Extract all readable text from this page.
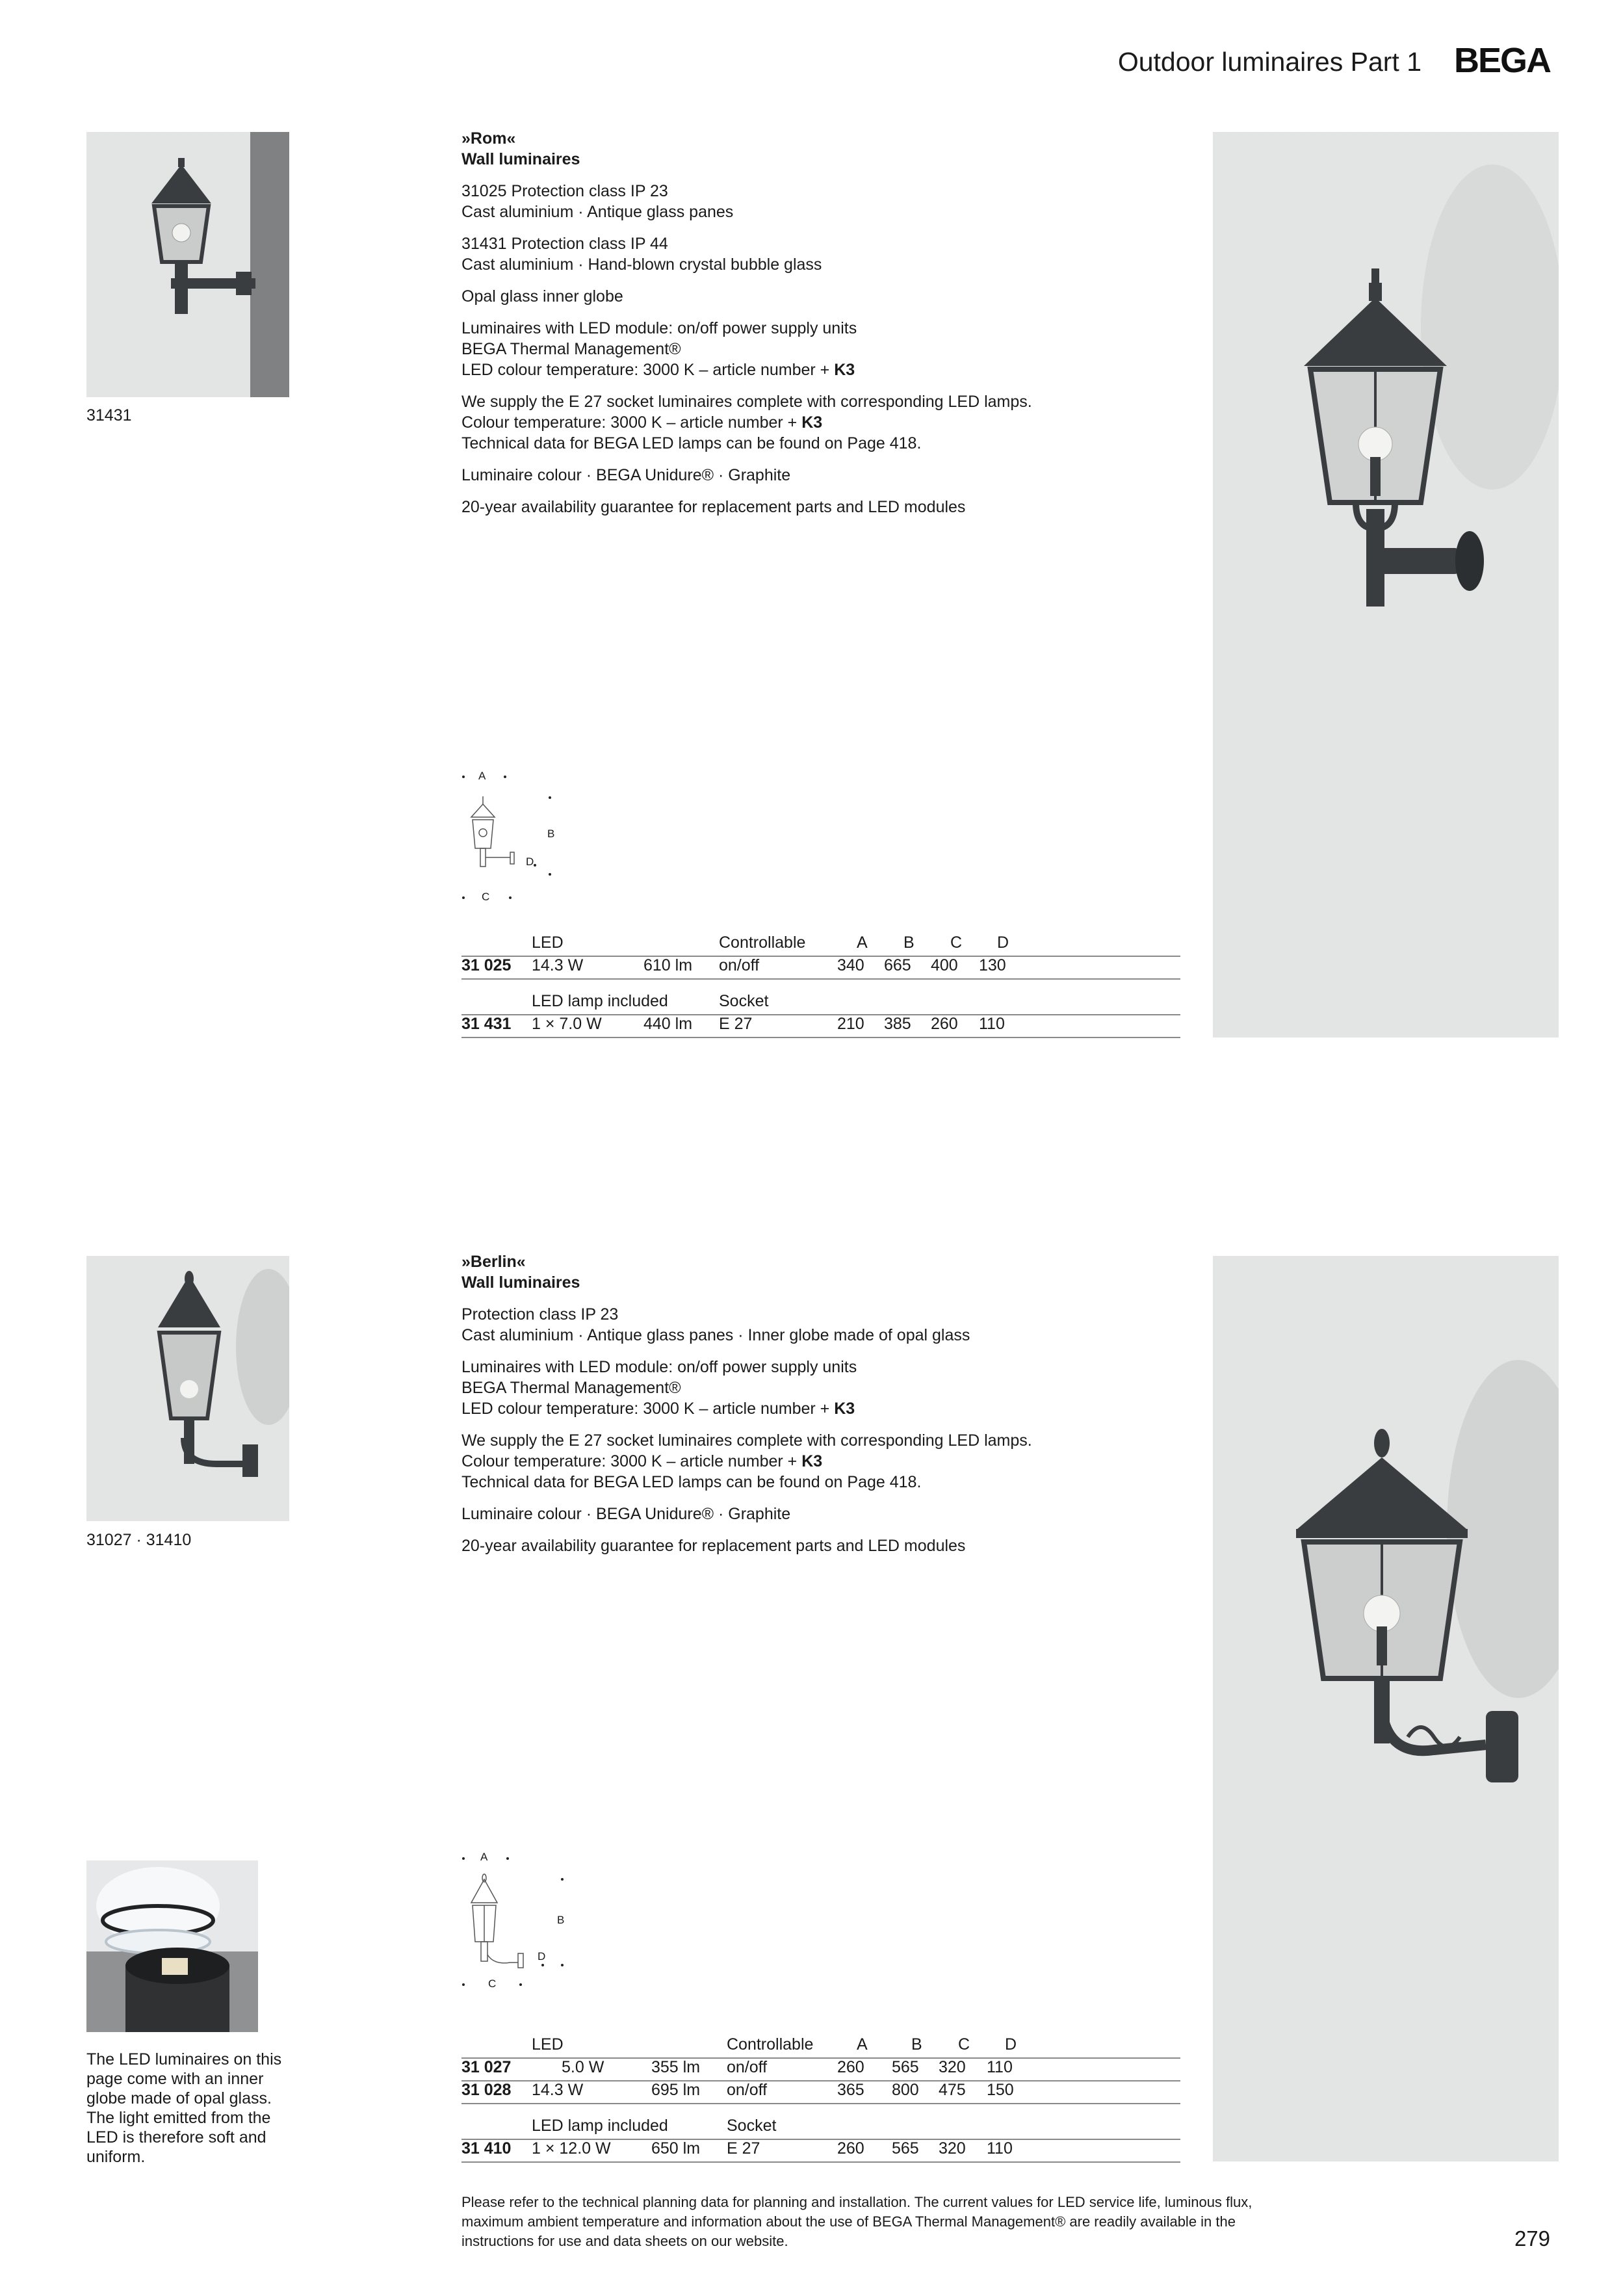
Outdoor luminaires Part 1 BEGA
31431
»Rom«
Wall luminaires
31025 Protection class IP 23
Cast aluminium · Antique glass panes
31431 Protection class IP 44
Cast aluminium · Hand-blown crystal bubble glass
Opal glass inner globe
Luminaires with LED module: on/off power supply units
BEGA Thermal Management®
LED colour temperature: 3000 K – article number + K3
We supply the E 27 socket luminaires complete with corresponding LED lamps.
Colour temperature: 3000 K – article number + K3
Technical data for BEGA LED lamps can be found on Page 418.
Luminaire colour · BEGA Unidure® · Graphite
20-year availability guarantee for replacement parts and LED modules
A
B
C
D
LED	Controllable	A B C D
31 025 14.3 W	610 lm on/off	340 665 400 130
LED lamp included	Socket
31 431 1 × 7.0 W	440 lm E 27	210 385 260 110
31027 · 31410
»Berlin«
Wall luminaires
Protection class IP 23
Cast aluminium · Antique glass panes · Inner globe made of opal glass
Luminaires with LED module: on/off power supply units
BEGA Thermal Management®
LED colour temperature: 3000 K – article number + K3
We supply the E 27 socket luminaires complete with corresponding LED lamps.
Colour temperature: 3000 K – article number + K3
Technical data for BEGA LED lamps can be found on Page 418.
Luminaire colour · BEGA Unidure® · Graphite
20-year availability guarantee for replacement parts and LED modules
A
B
C
D
LED	Controllable	A	B C D
31 027	5.0 W	355 lm on/off	260 565 320 110
31 028 14.3 W	695 lm on/off	365 800 475 150
LED lamp included	Socket
31 410 1 × 12.0 W 650 lm E 27	260 565 320 110
The LED luminaires on this
page come with an inner
globe made of opal glass.
The light emitted from the
LED is therefore soft and
uniform.
Please refer to the technical planning data for planning and installation. The current values for LED service life, luminous flux,
maximum ambient temperature and information about the use of BEGA Thermal Management® are readily available in the
instructions for use and data sheets on our website.	279
